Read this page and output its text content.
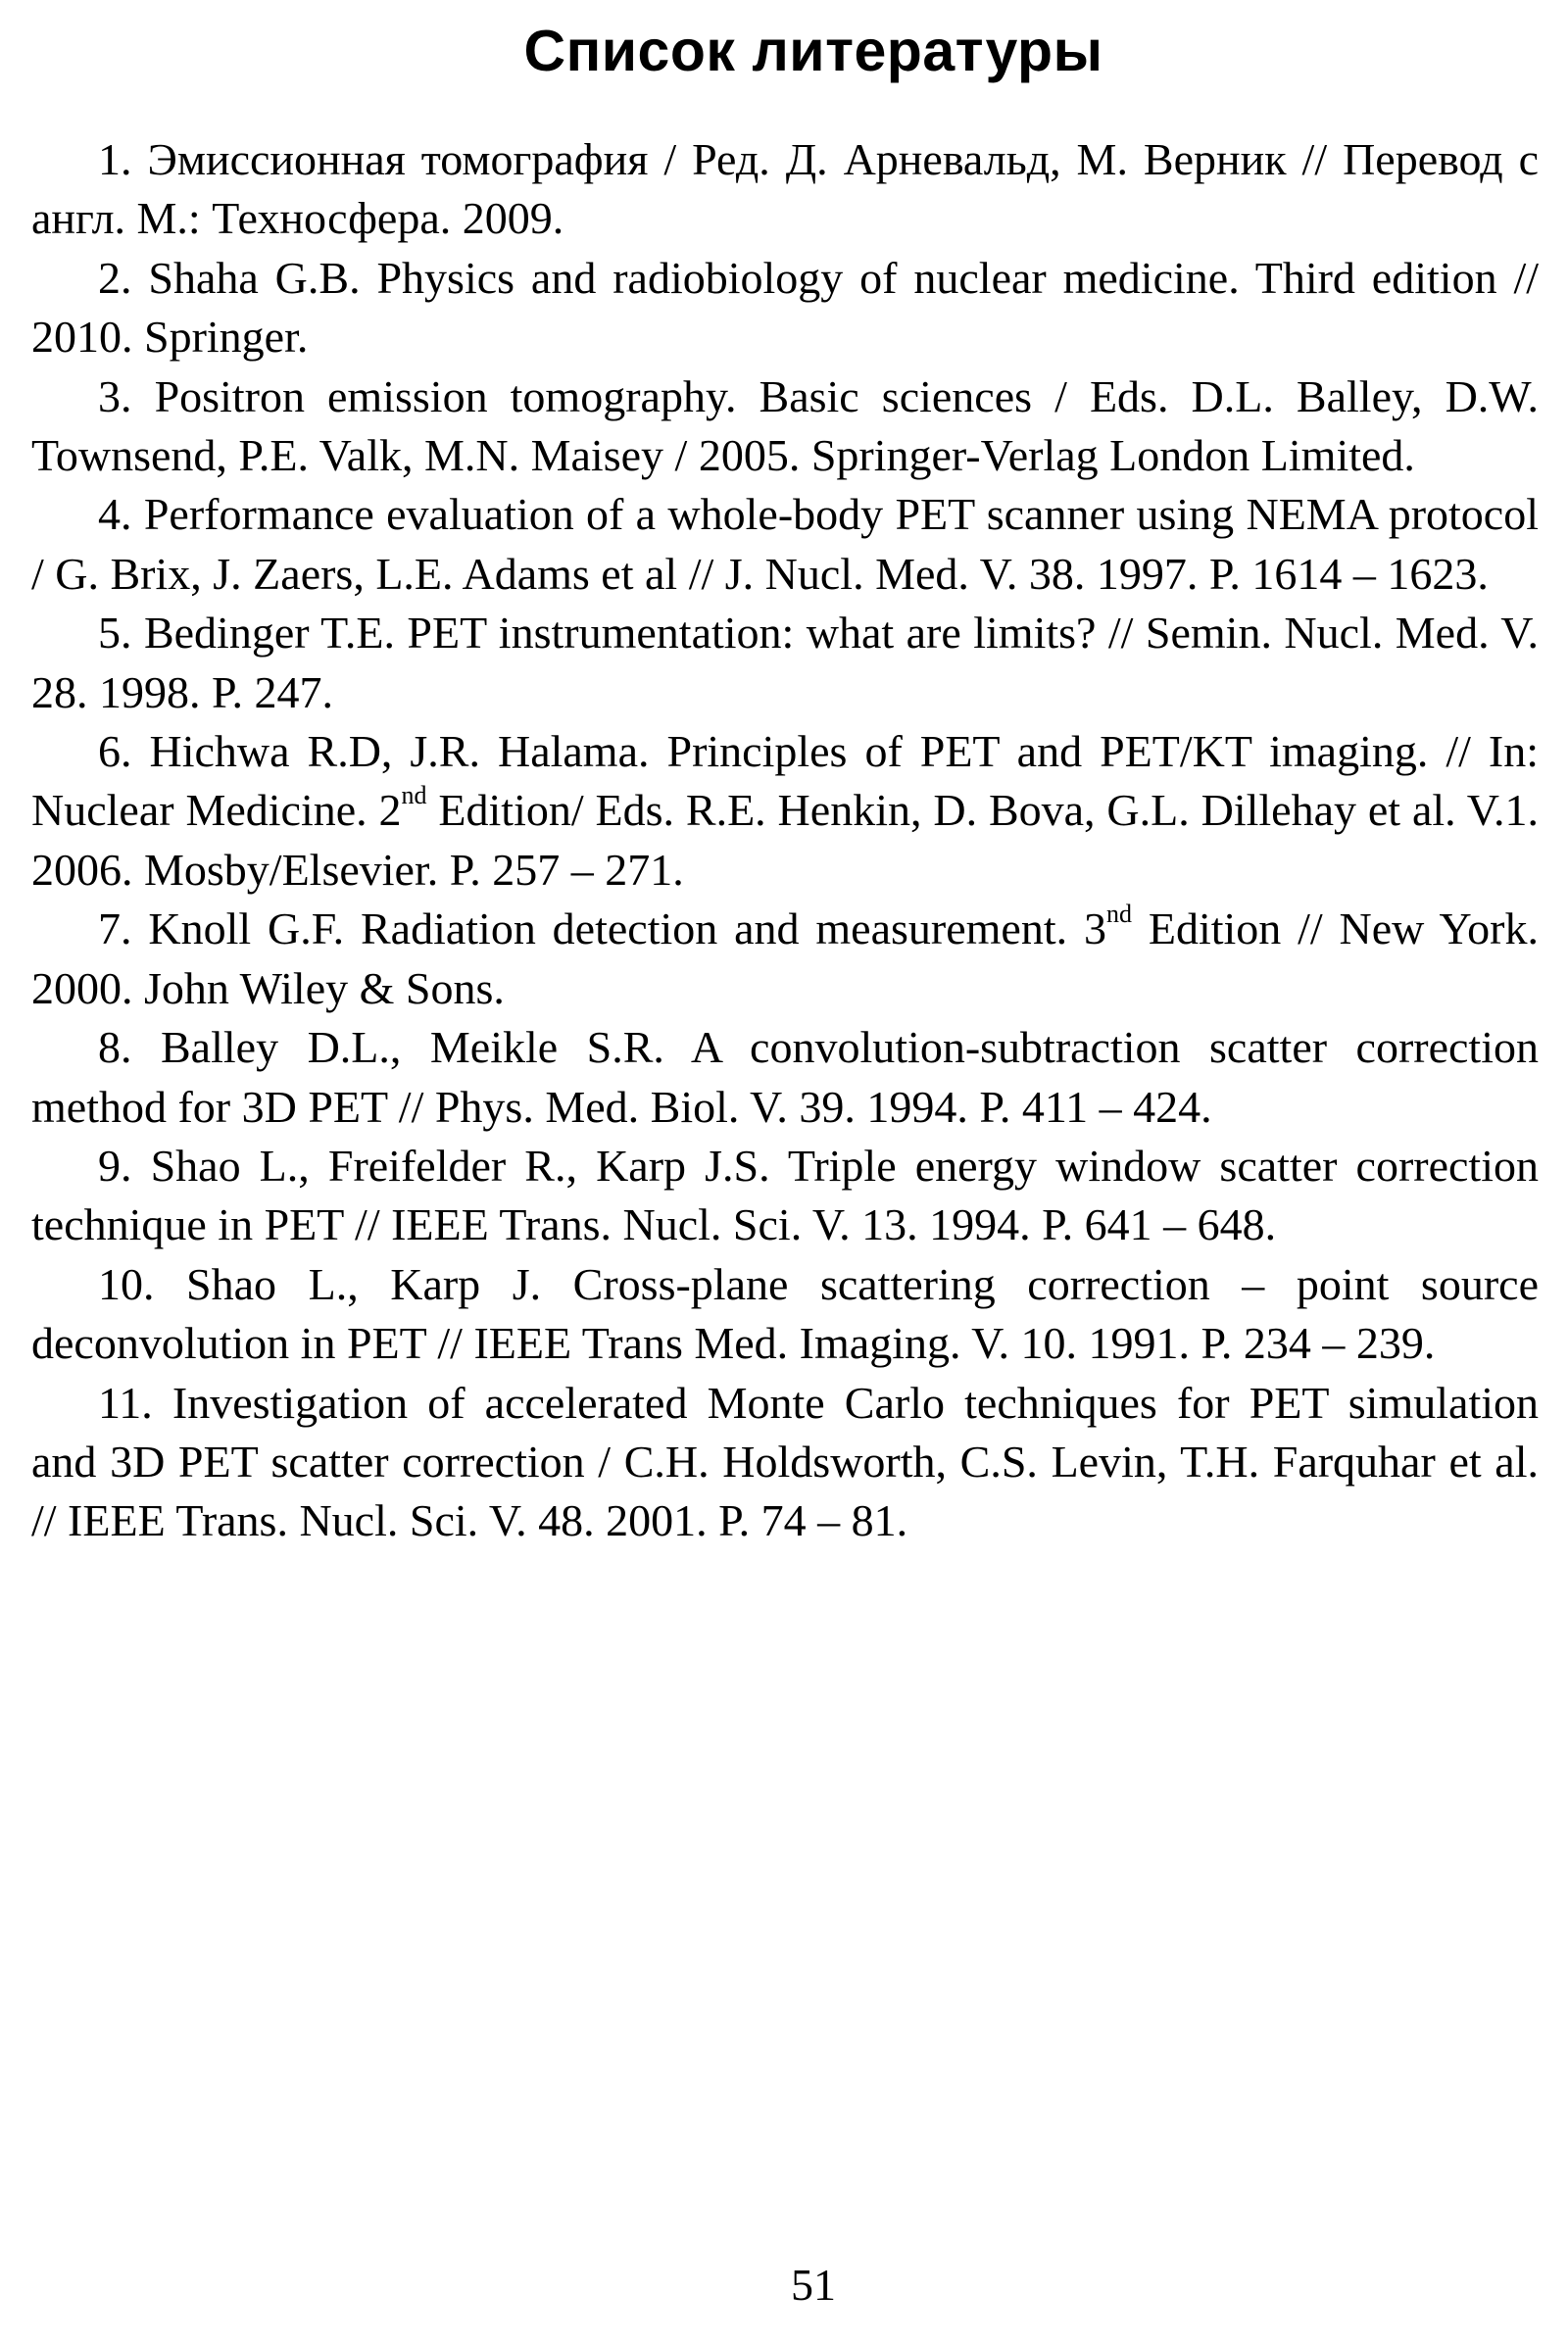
Список литературы
1. Эмиссионная томография / Ред. Д. Арневальд, М. Верник // Перевод с англ. М.: Техносфера. 2009.
2. Shaha G.B. Physics and radiobiology of nuclear medicine. Third edition // 2010. Springer.
3. Positron emission tomography. Basic sciences / Eds. D.L. Balley, D.W. Townsend, P.E. Valk, M.N. Maisey / 2005. Springer-Verlag London Limited.
4. Performance evaluation of a whole-body PET scanner using NEMA protocol / G. Brix, J. Zaers, L.E. Adams et al // J. Nucl. Med. V. 38. 1997. P. 1614 – 1623.
5. Bedinger T.E. PET instrumentation: what are limits? // Semin. Nucl. Med. V. 28. 1998. P. 247.
6. Hichwa R.D, J.R. Halama. Principles of PET and PET/KT imaging. // In: Nuclear Medicine. 2nd Edition/ Eds. R.E. Henkin, D. Bova, G.L. Dillehay et al. V.1. 2006. Mosby/Elsevier. P. 257 – 271.
7. Knoll G.F. Radiation detection and measurement. 3nd Edition // New York. 2000. John Wiley & Sons.
8. Balley D.L., Meikle S.R. A convolution-subtraction scatter correction method for 3D PET // Phys. Med. Biol. V. 39. 1994. P. 411 – 424.
9. Shao L., Freifelder R., Karp J.S. Triple energy window scatter correction technique in PET // IEEE Trans. Nucl. Sci. V. 13. 1994. P. 641 – 648.
10. Shao L., Karp J. Cross-plane scattering correction – point source deconvolution in PET // IEEE Trans Med. Imaging. V. 10. 1991. P. 234 – 239.
11. Investigation of accelerated Monte Carlo techniques for PET simulation and 3D PET scatter correction / C.H. Holdsworth, C.S. Levin, T.H. Farquhar et al. // IEEE Trans. Nucl. Sci. V. 48. 2001. P. 74 – 81.
51
